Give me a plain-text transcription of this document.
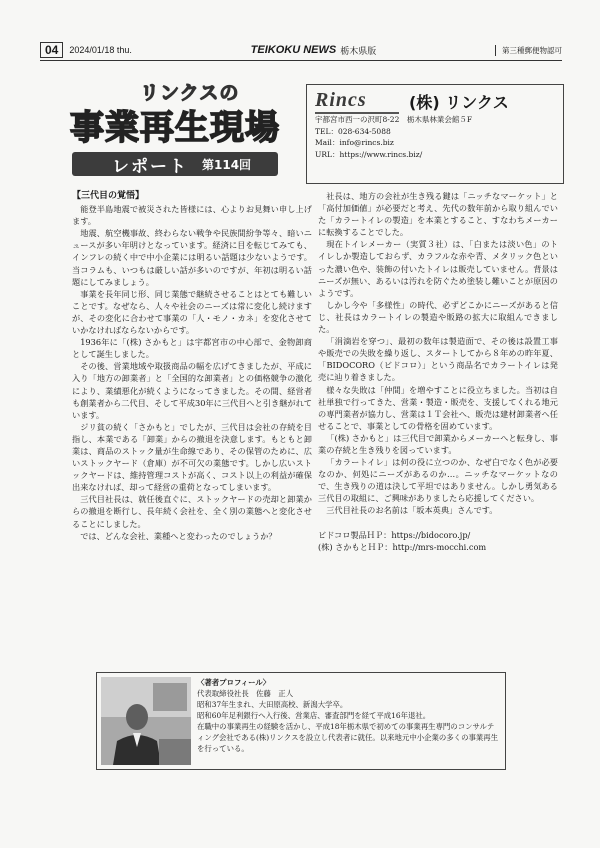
04	2024/01/18 thu.	TEIKOKU NEWS 栃木県版	第三種郵便物認可
リンクスの
事業再生現場
レポート 第114回
Rincs	(株) リンクス
宇都宮市西一の沢町8-22　栃木県林業会館５F
TEL：028-634-5088
Mail：info@rincs.biz
URL：https://www.rincs.biz/

【三代目の覚悟】

能登半島地震で被災された皆様には、心よりお見舞い申し上げます。

地震、航空機事故、終わらない戦争や民族間紛争等々、暗いニュースが多い年明けとなっています。経済に目を転じてみても、インフレの続く中で中小企業には明るい話題は少ないようです。当コラムも、いつもは厳しい話が多いのですが、年初は明るい話題にしてみましょう。

事業を長年同じ形、同じ業態で継続させることはとても難しいことです。なぜなら、人々や社会のニーズは常に変化し続けますが、その変化に合わせて事業の「人・モノ・カネ」を変化させていかなければならないからです。

1936年に「(株) さかもと」は宇都宮市の中心部で、金物卸商として誕生しました。

その後、営業地域や取扱商品の幅を広げてきましたが、平成に入り「地方の卸業者」と「全国的な卸業者」との価格競争の激化により、業績悪化が続くようになってきました。その間、経営者も創業者から二代目、そして平成30年に三代目へと引き継がれています。

ジリ貧の続く「さかもと」でしたが、三代目は会社の存続を目指し、本業である「卸業」からの撤退を決意します。もともと卸業は、商品のストック量が生命線であり、その保管のために、広いストックヤード（倉庫）が不可欠の業態です。しかし広いストックヤードは、維持管理コストが高く、コスト以上の利益が確保出来なければ、却って経営の重荷となってしまいます。

三代目社長は、就任後直ぐに、ストックヤードの売却と卸業からの撤退を断行し、長年続く会社を、全く別の業態へと変化させることにしました。

では、どんな会社、業種へと変わったのでしょうか？

社長は、地方の会社が生き残る鍵は「ニッチなマーケット」と「高付加価値」が必要だと考え、先代の数年前から取り組んでいた「カラートイレの製造」を本業とすること、すなわちメーカーに転換することでした。

現在トイレメーカー（実質３社）は、「白または淡い色」のトイレしか製造しておらず、カラフルな赤や青、メタリック色といった濃い色や、装飾の付いたトイレは販売していません。背景はニーズが無い、あるいは汚れを防ぐため塗装し難いことが原因のようです。

しかし今や「多様性」の時代、必ずどこかにニーズがあると信じ、社長はカラートイレの製造や販路の拡大に取組んできました。

「涓滴岩を穿つ」、最初の数年は製造面で、その後は設置工事や販売での失敗を繰り返し、スタートしてから８年めの昨年夏、「BIDOCORO（ビドコロ）」という商品名でカラートイレは発売に辿り着きました。

様々な失敗は「仲間」を増やすことに役立ちました。当初は自社単独で行ってきた、営業・製造・販売を、支援してくれる地元の専門業者が協力し、営業は１Ｔ会社へ、販売は建材卸業者へ任せることで、事業としての骨格を固めています。

「(株) さかもと」は三代目で卸業からメーカーへと転身し、事業の存続と生き残りを図っています。

「カラートイレ」は何の役に立つのか、なぜ白でなく色が必要なのか、何処にニーズがあるのか…。ニッチなマーケットなので、生き残りの道は決して平坦ではありません。しかし勇気ある三代目の取組に、ご興味がありましたら応援してください。

三代目社長のお名前は「坂本英典」さんです。

ビドコロ製品ＨＰ：https://bidocoro.jp/

(株) さかもとＨＰ：http://mrs-mocchi.com

〈著者プロフィール〉
代表取締役社長　佐藤　正人
昭和37年生まれ、大田原高校、新潟大学卒。
昭和60年足利銀行へ入行後、営業店、審査部門を経て平成16年退社。
在職中の事業再生の経験を活かし、平成18年栃木県で初めての事業再生専門のコンサルティング会社である(株)リンクスを設立し代表者に就任。以来地元中小企業の多くの事業再生を行っている。
